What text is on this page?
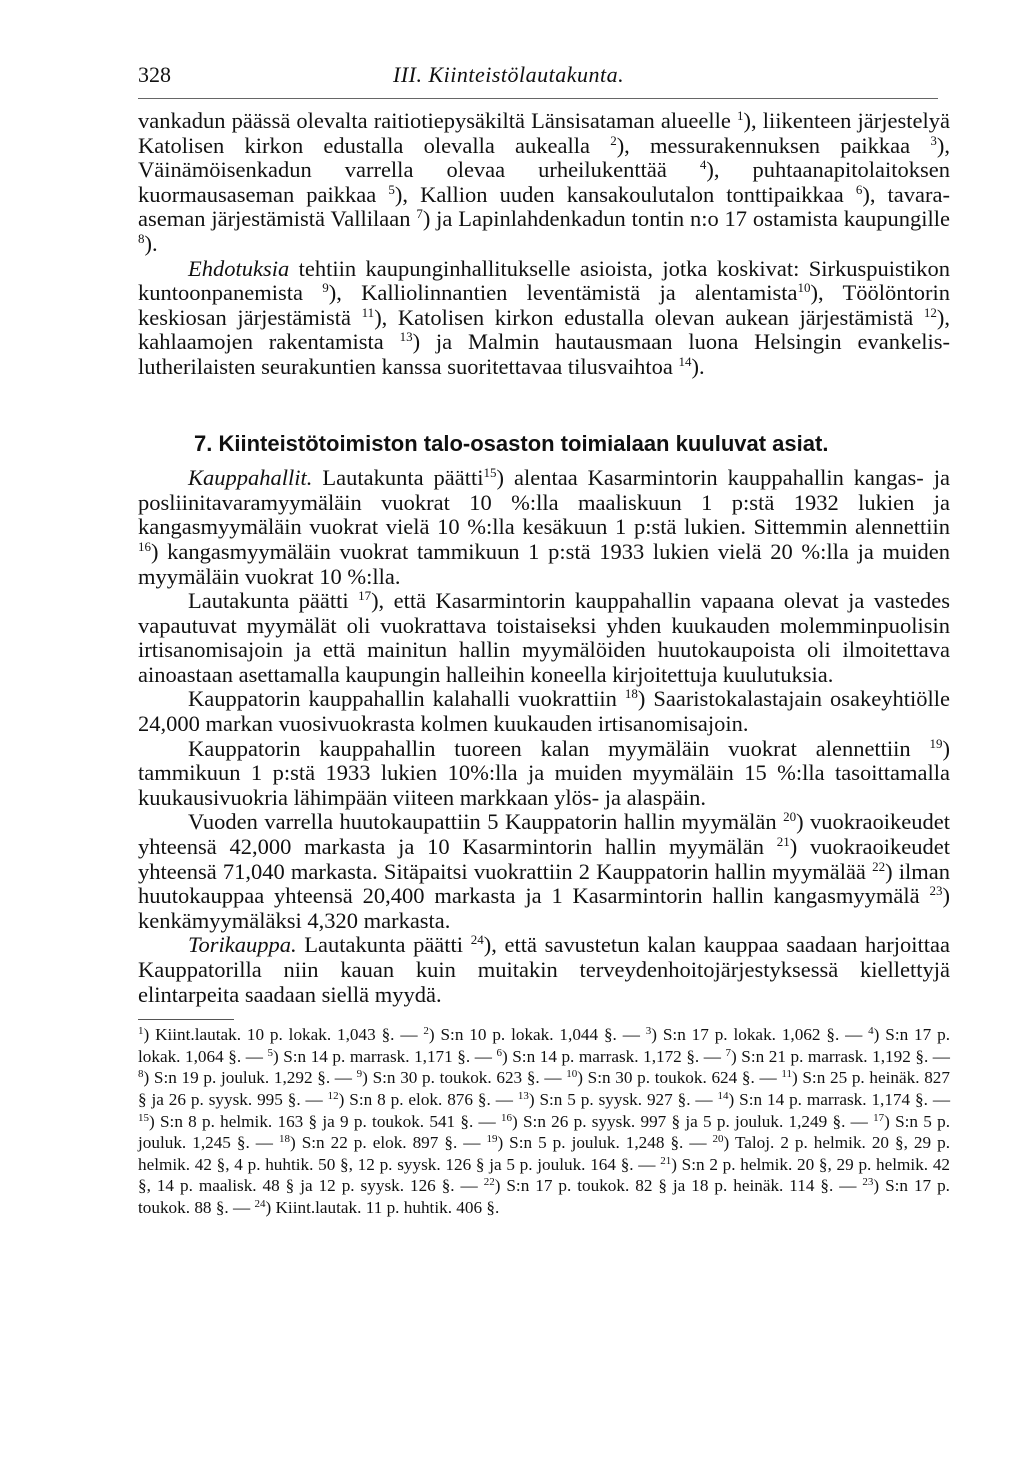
328	III. Kiinteistölautakunta.

vankadun päässä olevalta raitiotiepysäkiltä Länsisataman alueelle $^1$), liikenteen järjestelyä Katolisen kirkon edustalla olevalla aukealla $^2$), messurakennuksen paikkaa $^3$), Väinämöisenkadun varrella olevaa urheilukenttää $^4$), puhtaanapitolaitoksen kuormausaseman paikkaa $^5$), Kallion uuden kansakoulutalon tonttipaikkaa $^6$), tavara-aseman järjestämistä Vallilaan $^7$) ja Lapinlahdenkadun tontin n:o 17 ostamista kaupungille $^8$).

Ehdotuksia tehtiin kaupunginhallitukselle asioista, jotka koskivat: Sirkuspuistikon kuntoonpanemista $^9$), Kalliolinnantien leventämistä ja alentamista$^{10}$), Töölöntorin keskiosan järjestämistä $^{11}$), Katolisen kirkon edustalla olevan aukean järjestämistä $^{12}$), kahlaamojen rakentamista $^{13}$) ja Malmin hautausmaan luona Helsingin evankelis-lutherilaisten seurakuntien kanssa suoritettavaa tilusvaihtoa $^{14}$).

7. Kiinteistötoimiston talo-osaston toimialaan kuuluvat asiat.

Kauppahallit. Lautakunta päätti$^{15}$) alentaa Kasarmintorin kauppahallin kangas- ja posliinitavaramyymäläin vuokrat 10 %:lla maaliskuun 1 p:stä 1932 lukien ja kangasmyymäläin vuokrat vielä 10 %:lla kesäkuun 1 p:stä lukien. Sittemmin alennettiin $^{16}$) kangasmyymäläin vuokrat tammikuun 1 p:stä 1933 lukien vielä 20 %:lla ja muiden myymäläin vuokrat 10 %:lla.

Lautakunta päätti $^{17}$), että Kasarmintorin kauppahallin vapaana olevat ja vastedes vapautuvat myymälät oli vuokrattava toistaiseksi yhden kuukauden molemminpuolisin irtisanomisajoin ja että mainitun hallin myymälöiden huutokaupoista oli ilmoitettava ainoastaan asettamalla kaupungin halleihin koneella kirjoitettuja kuulutuksia.

Kauppatorin kauppahallin kalahalli vuokrattiin $^{18}$) Saaristokalastajain osakeyhtiölle 24,000 markan vuosivuokrasta kolmen kuukauden irtisanomisajoin.

Kauppatorin kauppahallin tuoreen kalan myymäläin vuokrat alennettiin $^{19}$) tammikuun 1 p:stä 1933 lukien 10%:lla ja muiden myymäläin 15 %:lla tasoittamalla kuukausivuokria lähimpään viiteen markkaan ylös- ja alaspäin.

Vuoden varrella huutokaupattiin 5 Kauppatorin hallin myymälän $^{20}$) vuokraoikeudet yhteensä 42,000 markasta ja 10 Kasarmintorin hallin myymälän $^{21}$) vuokraoikeudet yhteensä 71,040 markasta. Sitäpaitsi vuokrattiin 2 Kauppatorin hallin myymälää $^{22}$) ilman huutokauppaa yhteensä 20,400 markasta ja 1 Kasarmintorin hallin kangasmyymälä $^{23}$) kenkämyymäläksi 4,320 markasta.

Torikauppa. Lautakunta päätti $^{24}$), että savustetun kalan kauppaa saadaan harjoittaa Kauppatorilla niin kauan kuin muitakin terveydenhoitojärjestyksessä kiellettyjä elintarpeita saadaan siellä myydä.

$^1$) Kiint.lautak. 10 p. lokak. 1,043 §. — $^2$) S:n 10 p. lokak. 1,044 §. — $^3$) S:n 17 p. lokak. 1,062 §. — $^4$) S:n 17 p. lokak. 1,064 §. — $^5$) S:n 14 p. marrask. 1,171 §. — $^6$) S:n 14 p. marrask. 1,172 §. — $^7$) S:n 21 p. marrask. 1,192 §. — $^8$) S:n 19 p. jouluk. 1,292 §. — $^9$) S:n 30 p. toukok. 623 §. — $^{10}$) S:n 30 p. toukok. 624 §. — $^{11}$) S:n 25 p. heinäk. 827 § ja 26 p. syysk. 995 §. — $^{12}$) S:n 8 p. elok. 876 §. — $^{13}$) S:n 5 p. syysk. 927 §. — $^{14}$) S:n 14 p. marrask. 1,174 §. — $^{15}$) S:n 8 p. helmik. 163 § ja 9 p. toukok. 541 §. — $^{16}$) S:n 26 p. syysk. 997 § ja 5 p. jouluk. 1,249 §. — $^{17}$) S:n 5 p. jouluk. 1,245 §. — $^{18}$) S:n 22 p. elok. 897 §. — $^{19}$) S:n 5 p. jouluk. 1,248 §. — $^{20}$) Taloj. 2 p. helmik. 20 §, 29 p. helmik. 42 §, 4 p. huhtik. 50 §, 12 p. syysk. 126 § ja 5 p. jouluk. 164 §. — $^{21}$) S:n 2 p. helmik. 20 §, 29 p. helmik. 42 §, 14 p. maalisk. 48 § ja 12 p. syysk. 126 §. — $^{22}$) S:n 17 p. toukok. 82 § ja 18 p. heinäk. 114 §. — $^{23}$) S:n 17 p. toukok. 88 §. — $^{24}$) Kiint.lautak. 11 p. huhtik. 406 §.
